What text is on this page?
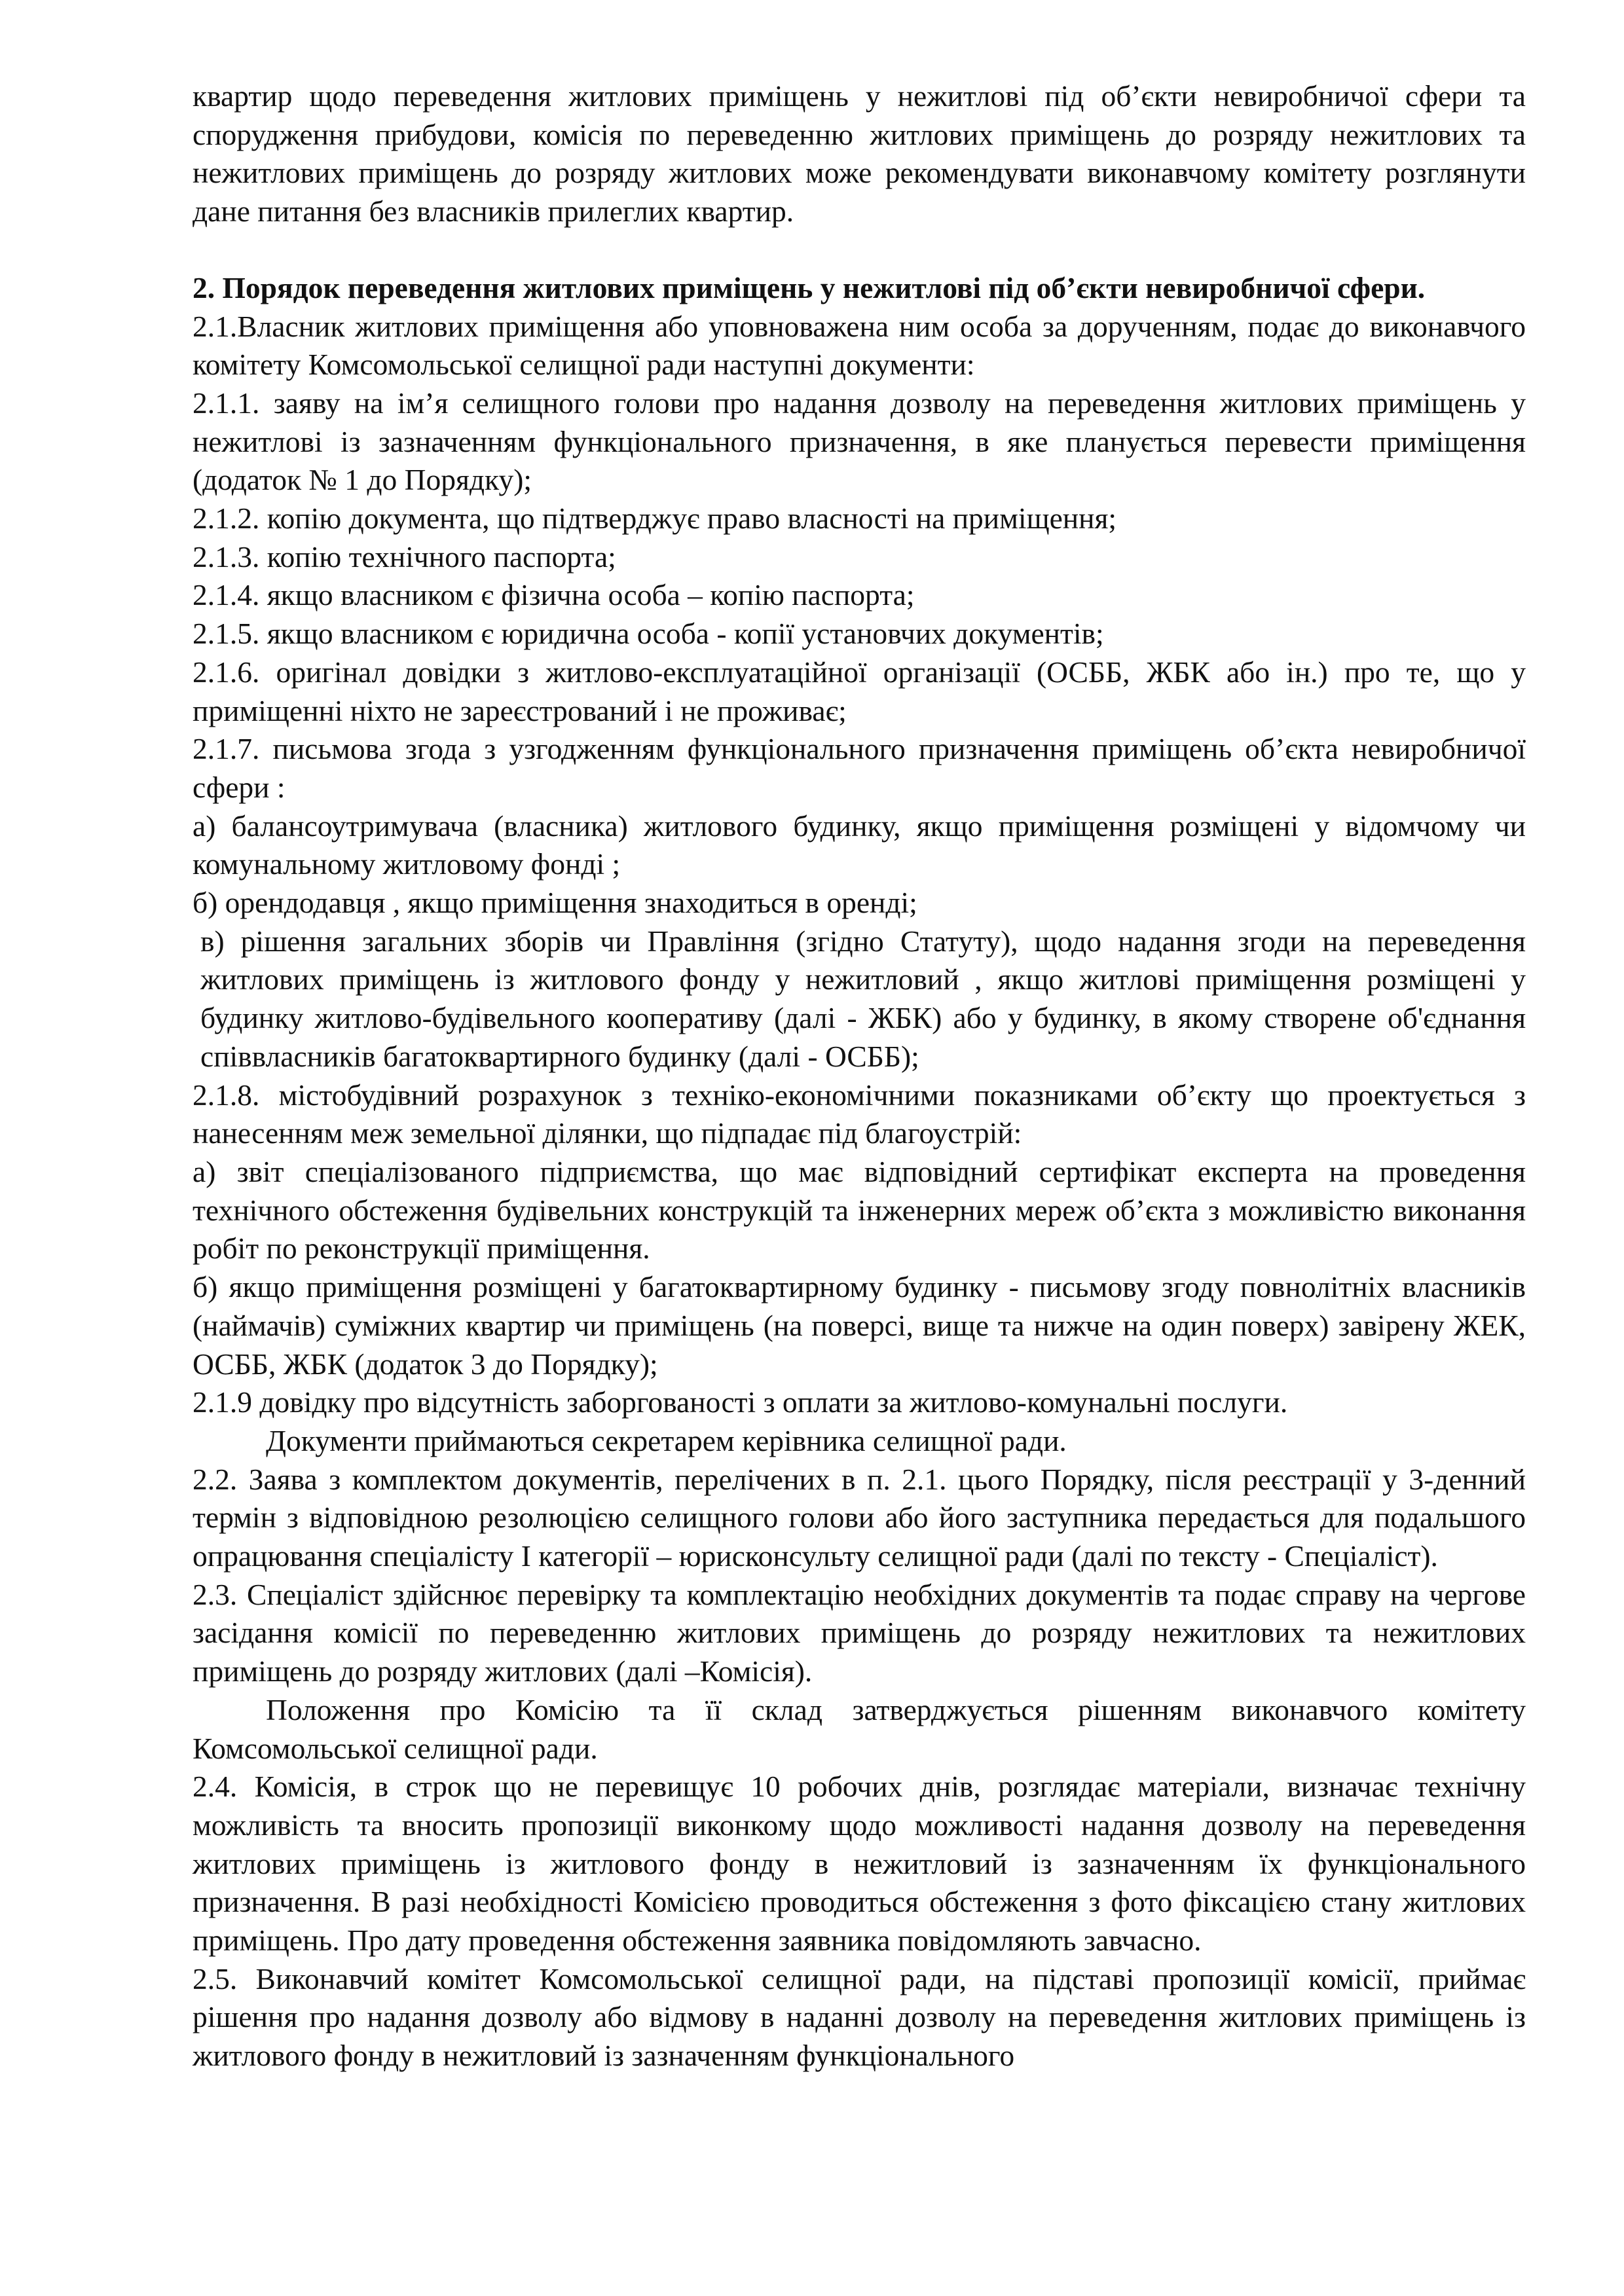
квартир щодо переведення житлових приміщень у нежитлові під об’єкти невиробничої сфери та спорудження прибудови, комісія по переведенню житлових приміщень до розряду нежитлових та нежитлових приміщень до розряду житлових може рекомендувати виконавчому комітету розглянути дане питання без власників прилеглих квартир.

2. Порядок переведення житлових приміщень у нежитлові під об’єкти невиробничої сфери.

2.1.Власник житлових приміщення або уповноважена ним особа за дорученням, подає до виконавчого комітету Комсомольської селищної ради наступні документи:

2.1.1. заяву на ім’я селищного голови про надання дозволу на переведення житлових приміщень у нежитлові із зазначенням функціонального призначення, в яке планується перевести приміщення (додаток № 1 до Порядку);

2.1.2. копію документа, що підтверджує право власності на приміщення;

2.1.3. копію технічного паспорта;

2.1.4. якщо власником є фізична особа – копію паспорта;

2.1.5. якщо власником є юридична особа - копії установчих документів;

2.1.6. оригінал довідки з житлово-експлуатаційної організації (ОСББ, ЖБК або ін.) про те, що у приміщенні ніхто не зареєстрований і не проживає;

2.1.7. письмова згода з узгодженням функціонального призначення приміщень об’єкта невиробничої сфери :

а) балансоутримувача (власника) житлового будинку, якщо приміщення розміщені у відомчому чи комунальному житловому фонді ;

б) орендодавця , якщо приміщення знаходиться в оренді;

в) рішення загальних зборів чи Правління (згідно Статуту), щодо надання згоди на переведення житлових приміщень із житлового фонду у нежитловий , якщо житлові приміщення розміщені у будинку житлово-будівельного кооперативу (далі - ЖБК) або у будинку, в якому створене об'єднання співвласників багатоквартирного будинку (далі - ОСББ);

2.1.8. містобудівний розрахунок з техніко-економічними показниками об’єкту що проектується з нанесенням меж земельної ділянки, що підпадає під благоустрій:

а) звіт спеціалізованого підприємства, що має відповідний сертифікат експерта на проведення технічного обстеження будівельних конструкцій та інженерних мереж об’єкта з можливістю виконання робіт по реконструкції приміщення.

б) якщо приміщення розміщені у багатоквартирному будинку - письмову згоду повнолітніх власників (наймачів) суміжних квартир чи приміщень (на поверсі, вище та нижче на один поверх) завірену ЖЕК, ОСББ, ЖБК (додаток 3 до Порядку);

2.1.9 довідку про відсутність заборгованості з оплати за житлово-комунальні послуги.

Документи приймаються секретарем керівника селищної ради.

2.2. Заява з комплектом документів, перелічених в п. 2.1. цього Порядку, після реєстрації у 3-денний термін з відповідною резолюцією селищного голови або його заступника передається для подальшого опрацювання спеціалісту І категорії – юрисконсульту селищної ради (далі по тексту - Спеціаліст).

2.3. Спеціаліст здійснює перевірку та комплектацію необхідних документів та подає справу на чергове засідання комісії по переведенню житлових приміщень до розряду нежитлових та нежитлових приміщень до розряду житлових (далі –Комісія).

Положення про Комісію та її склад затверджується рішенням виконавчого комітету Комсомольської селищної ради.

2.4. Комісія, в строк що не перевищує 10 робочих днів, розглядає матеріали, визначає технічну можливість та вносить пропозиції виконкому щодо можливості надання дозволу на переведення житлових приміщень із житлового фонду в нежитловий із зазначенням їх функціонального призначення. В разі необхідності Комісією проводиться обстеження з фото фіксацією стану житлових приміщень. Про дату проведення обстеження заявника повідомляють завчасно.

2.5. Виконавчий комітет Комсомольської селищної ради, на підставі пропозиції комісії, приймає рішення про надання дозволу або відмову в наданні дозволу на переведення житлових приміщень із житлового фонду в нежитловий із зазначенням функціонального
